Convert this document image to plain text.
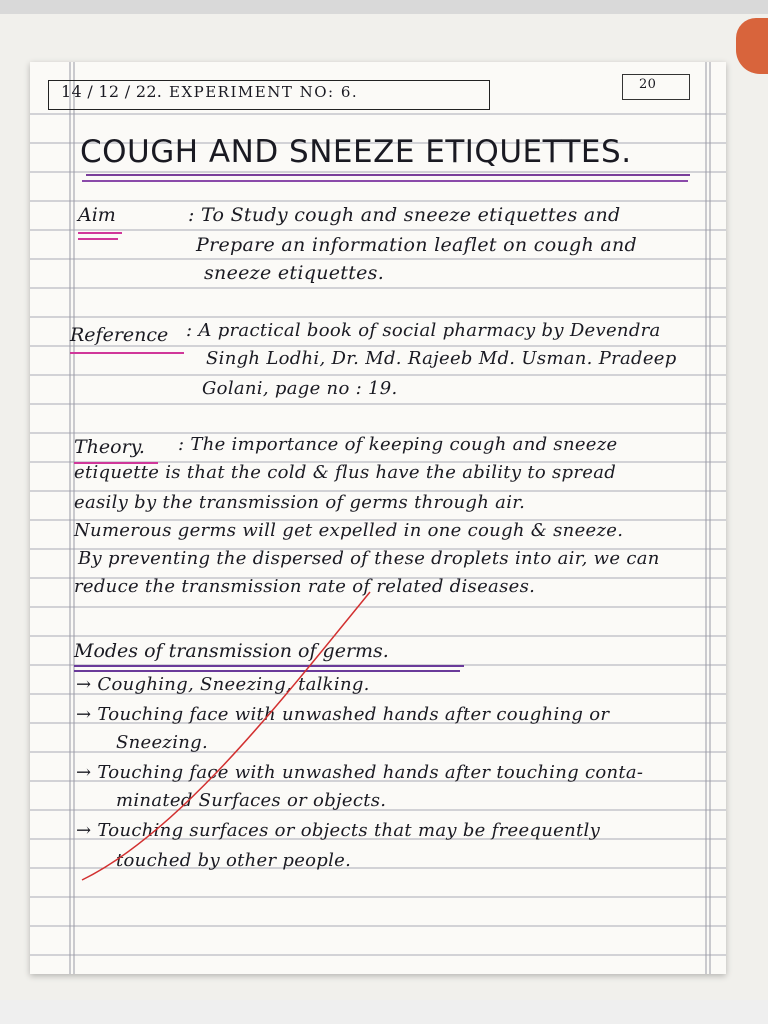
14 / 12 / 22. EXPERIMENT NO: 6.	20
COUGH AND SNEEZE ETIQUETTES.
Aim	: To Study cough and sneeze etiquettes and
Prepare an information leaflet on cough and
sneeze etiquettes.
Reference : A practical book of social pharmacy by Devendra
Singh Lodhi, Dr. Md. Rajeeb Md. Usman. Pradeep
Golani, page no : 19.
Theory. : The importance of keeping cough and sneeze
etiquette is that the cold & flus have the ability to spread
easily by the transmission of germs through air.
Numerous germs will get expelled in one cough & sneeze.
By preventing the dispersed of these droplets into air, we can
reduce the transmission rate of related diseases.
Modes of transmission of germs.
→ Coughing, Sneezing, talking.
→ Touching face with unwashed hands after coughing or
Sneezing.
→ Touching face with unwashed hands after touching conta-
minated Surfaces or objects.
→ Touching surfaces or objects that may be freequently
touched by other people.
